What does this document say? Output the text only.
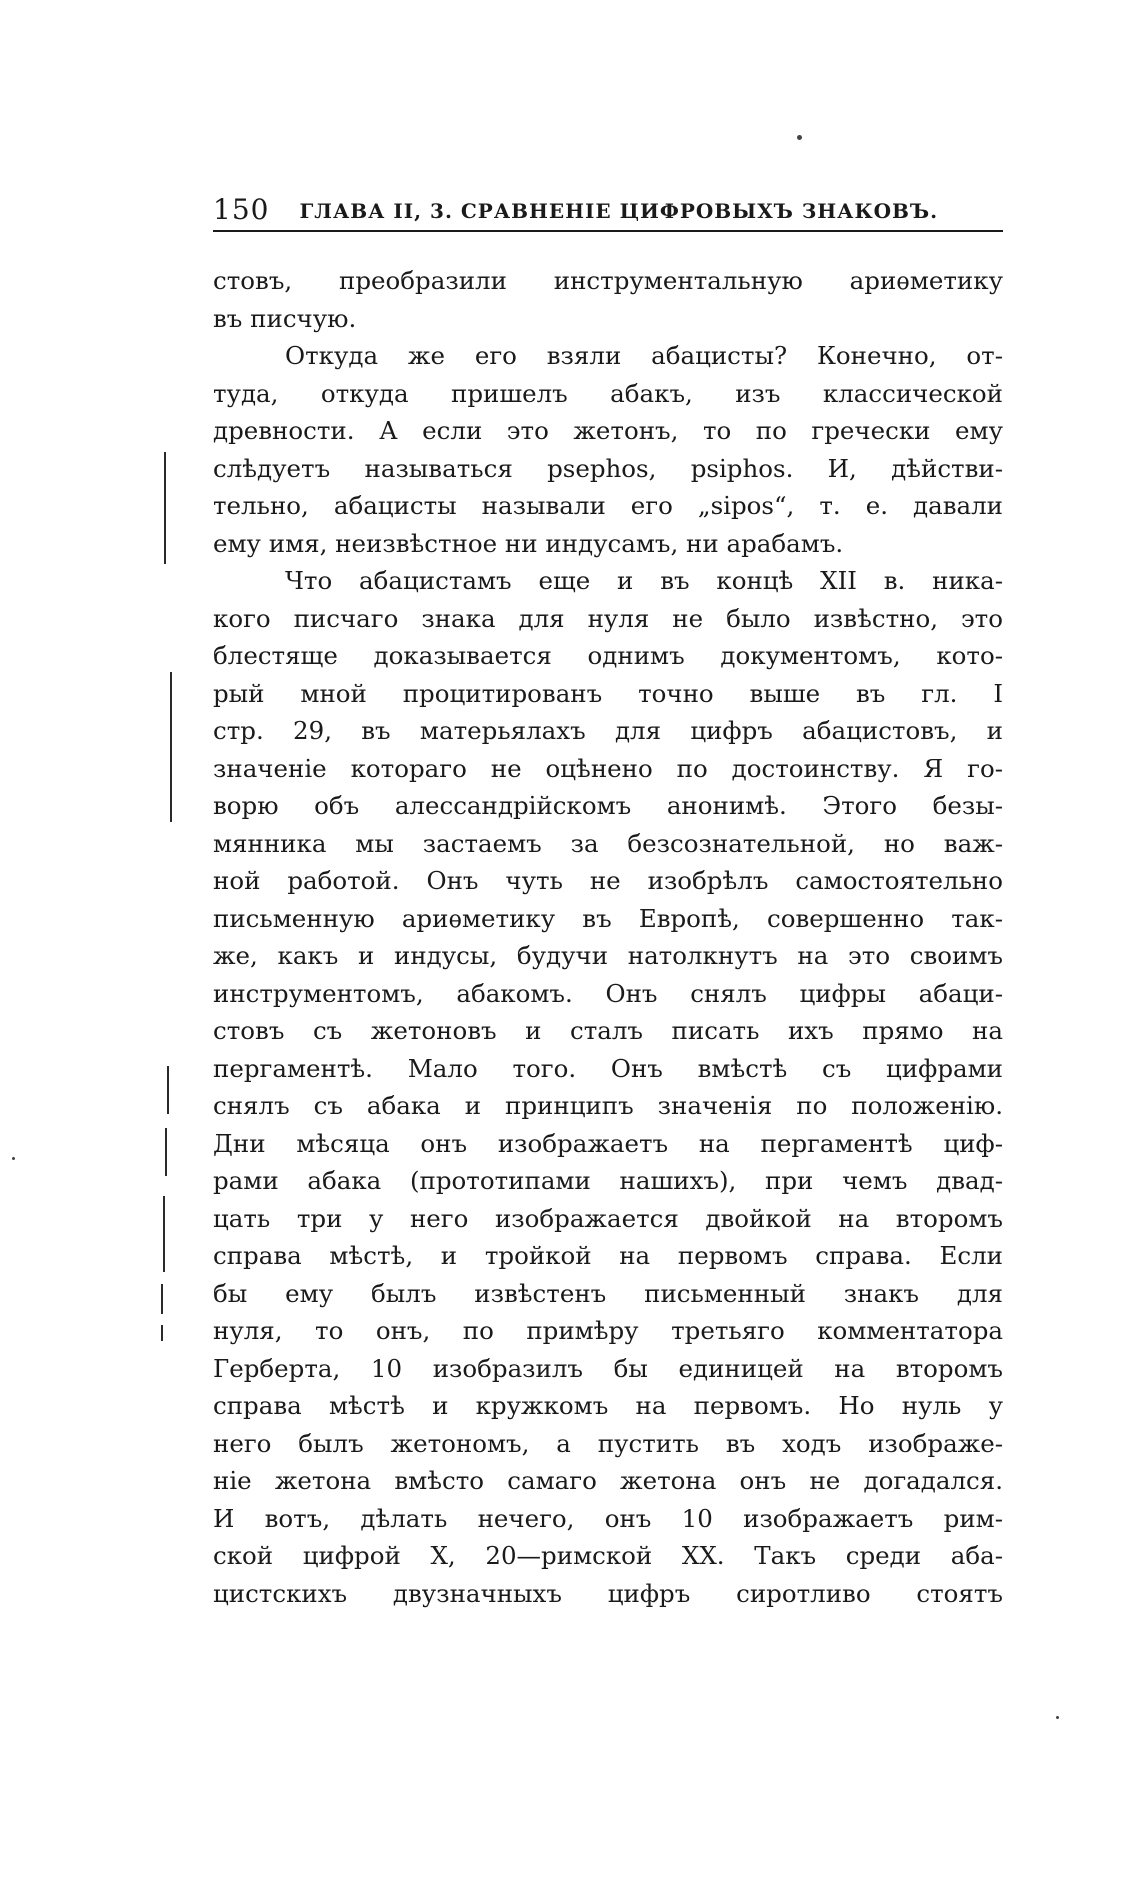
150 ГЛАВА II, 3. СРАВНЕНІЕ ЦИФРОВЫХЪ ЗНАКОВЪ.
стовъ, преобразили инструментальную ариѳметику
въ писчую.
Откуда же его взяли абацисты? Конечно, от-
туда, откуда пришелъ абакъ, изъ классической
древности. А если это жетонъ, то по гречески ему
слѣдуетъ называться psephos, psiphos. И, дѣйстви-
тельно, абацисты называли его „sipos“, т. е. давали
ему имя, неизвѣстное ни индусамъ, ни арабамъ.
Что абацистамъ еще и въ концѣ XII в. ника-
кого писчаго знака для нуля не было извѣстно, это
блестяще доказывается однимъ документомъ, кото-
рый мной процитированъ точно выше въ гл. I
стр. 29, въ матерьялахъ для цифръ абацистовъ, и
значеніе котораго не оцѣнено по достоинству. Я го-
ворю объ алессандрійскомъ анонимѣ. Этого безы-
мянника мы застаемъ за безсознательной, но важ-
ной работой. Онъ чуть не изобрѣлъ самостоятельно
письменную ариѳметику въ Европѣ, совершенно так-
же, какъ и индусы, будучи натолкнутъ на это своимъ
инструментомъ, абакомъ. Онъ снялъ цифры абаци-
стовъ съ жетоновъ и сталъ писать ихъ прямо на
пергаментѣ. Мало того. Онъ вмѣстѣ съ цифрами
снялъ съ абака и принципъ значенія по положенію.
Дни мѣсяца онъ изображаетъ на пергаментѣ циф-
рами абака (прототипами нашихъ), при чемъ двад-
цать три у него изображается двойкой на второмъ
справа мѣстѣ, и тройкой на первомъ справа. Если
бы ему былъ извѣстенъ письменный знакъ для
нуля, то онъ, по примѣру третьяго комментатора
Герберта, 10 изобразилъ бы единицей на второмъ
справа мѣстѣ и кружкомъ на первомъ. Но нуль у
него былъ жетономъ, а пустить въ ходъ изображе-
ніе жетона вмѣсто самаго жетона онъ не догадался.
И вотъ, дѣлать нечего, онъ 10 изображаетъ рим-
ской цифрой X, 20—римской XX. Такъ среди аба-
цистскихъ двузначныхъ цифръ сиротливо стоятъ
